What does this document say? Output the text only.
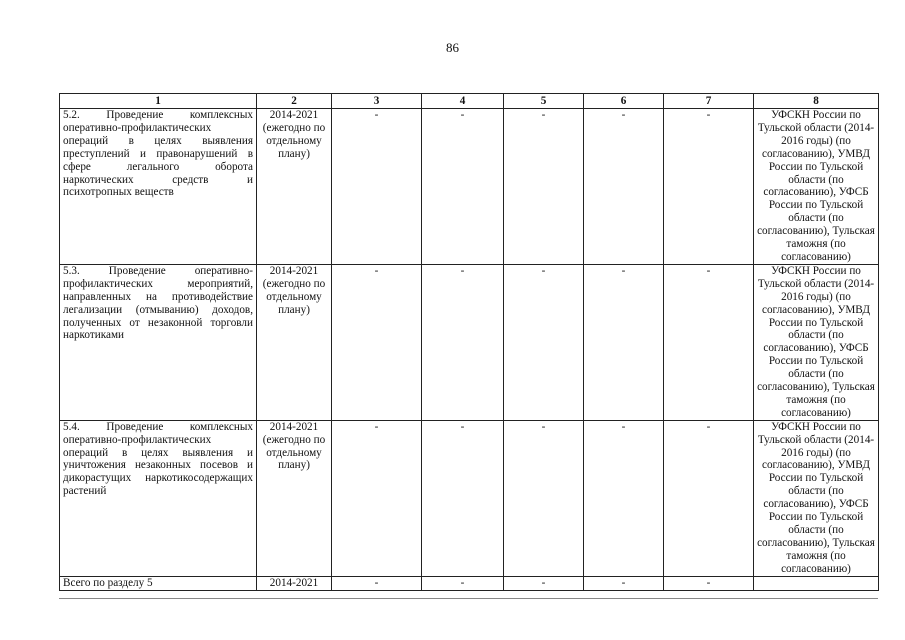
86
1	2	3	4	5	6	7	8
5.2. Проведение комплексных оперативно-профилактических операций в целях выявления преступлений и правонарушений в сфере легального оборота наркотических средств и психотропных веществ	2014-2021 (ежегодно по отдельному плану)	-	-	-	-	-	УФСКН России по Тульской области (2014-2016 годы) (по согласованию), УМВД России по Тульской области (по согласованию), УФСБ России по Тульской области (по согласованию), Тульская таможня (по согласованию)
5.3. Проведение оперативно-профилактических мероприятий, направленных на противодействие легализации (отмыванию) доходов, полученных от незаконной торговли наркотиками	2014-2021 (ежегодно по отдельному плану)	-	-	-	-	-	УФСКН России по Тульской области (2014-2016 годы) (по согласованию), УМВД России по Тульской области (по согласованию), УФСБ России по Тульской области (по согласованию), Тульская таможня (по согласованию)
5.4. Проведение комплексных оперативно-профилактических операций в целях выявления и уничтожения незаконных посевов и дикорастущих наркотикосодержащих растений	2014-2021 (ежегодно по отдельному плану)	-	-	-	-	-	УФСКН России по Тульской области (2014-2016 годы) (по согласованию), УМВД России по Тульской области (по согласованию), УФСБ России по Тульской области (по согласованию), Тульская таможня (по согласованию)
Всего по разделу 5	2014-2021	-	-	-	-	-	
